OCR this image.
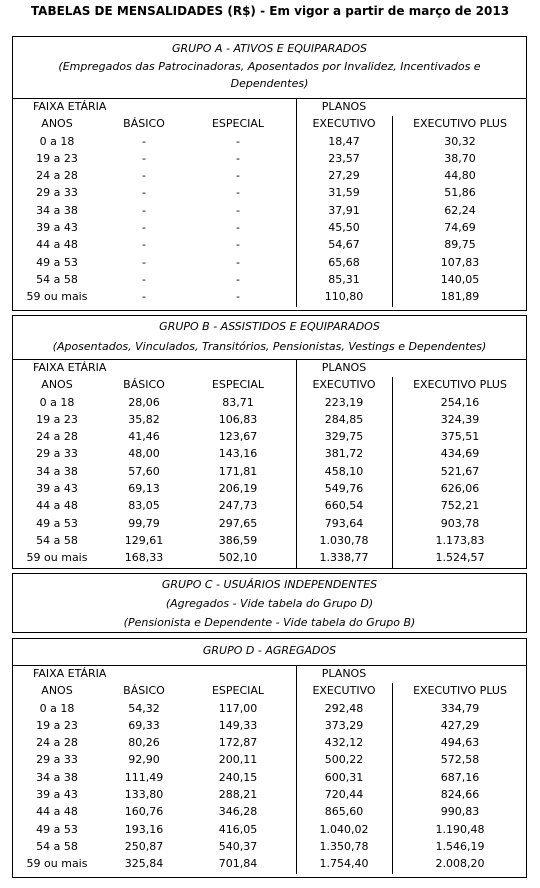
TABELAS DE MENSALIDADES (R$) - Em vigor a partir de março de 2013
GRUPO A - ATIVOS E EQUIPARADOS
(Empregados das Patrocinadoras, Aposentados por Invalidez, Incentivados e Dependentes)
FAIXA ETÁRIA	PLANOS
ANOS	BÁSICO	ESPECIAL	EXECUTIVO	EXECUTIVO PLUS
0 a 18	-	-	18,47	30,32
19 a 23	-	-	23,57	38,70
24 a 28	-	-	27,29	44,80
29 a 33	-	-	31,59	51,86
34 a 38	-	-	37,91	62,24
39 a 43	-	-	45,50	74,69
44 a 48	-	-	54,67	89,75
49 a 53	-	-	65,68	107,83
54 a 58	-	-	85,31	140,05
59 ou mais	-	-	110,80	181,89
GRUPO B - ASSISTIDOS E EQUIPARADOS
(Aposentados, Vinculados, Transitórios, Pensionistas, Vestings e Dependentes)
FAIXA ETÁRIA	PLANOS
ANOS	BÁSICO	ESPECIAL	EXECUTIVO	EXECUTIVO PLUS
0 a 18	28,06	83,71	223,19	254,16
19 a 23	35,82	106,83	284,85	324,39
24 a 28	41,46	123,67	329,75	375,51
29 a 33	48,00	143,16	381,72	434,69
34 a 38	57,60	171,81	458,10	521,67
39 a 43	69,13	206,19	549,76	626,06
44 a 48	83,05	247,73	660,54	752,21
49 a 53	99,79	297,65	793,64	903,78
54 a 58	129,61	386,59	1.030,78	1.173,83
59 ou mais	168,33	502,10	1.338,77	1.524,57
GRUPO C - USUÁRIOS INDEPENDENTES
(Agregados - Vide tabela do Grupo D)
(Pensionista e Dependente - Vide tabela do Grupo B)
GRUPO D - AGREGADOS
FAIXA ETÁRIA	PLANOS
ANOS	BÁSICO	ESPECIAL	EXECUTIVO	EXECUTIVO PLUS
0 a 18	54,32	117,00	292,48	334,79
19 a 23	69,33	149,33	373,29	427,29
24 a 28	80,26	172,87	432,12	494,63
29 a 33	92,90	200,11	500,22	572,58
34 a 38	111,49	240,15	600,31	687,16
39 a 43	133,80	288,21	720,44	824,66
44 a 48	160,76	346,28	865,60	990,83
49 a 53	193,16	416,05	1.040,02	1.190,48
54 a 58	250,87	540,37	1.350,78	1.546,19
59 ou mais	325,84	701,84	1.754,40	2.008,20
